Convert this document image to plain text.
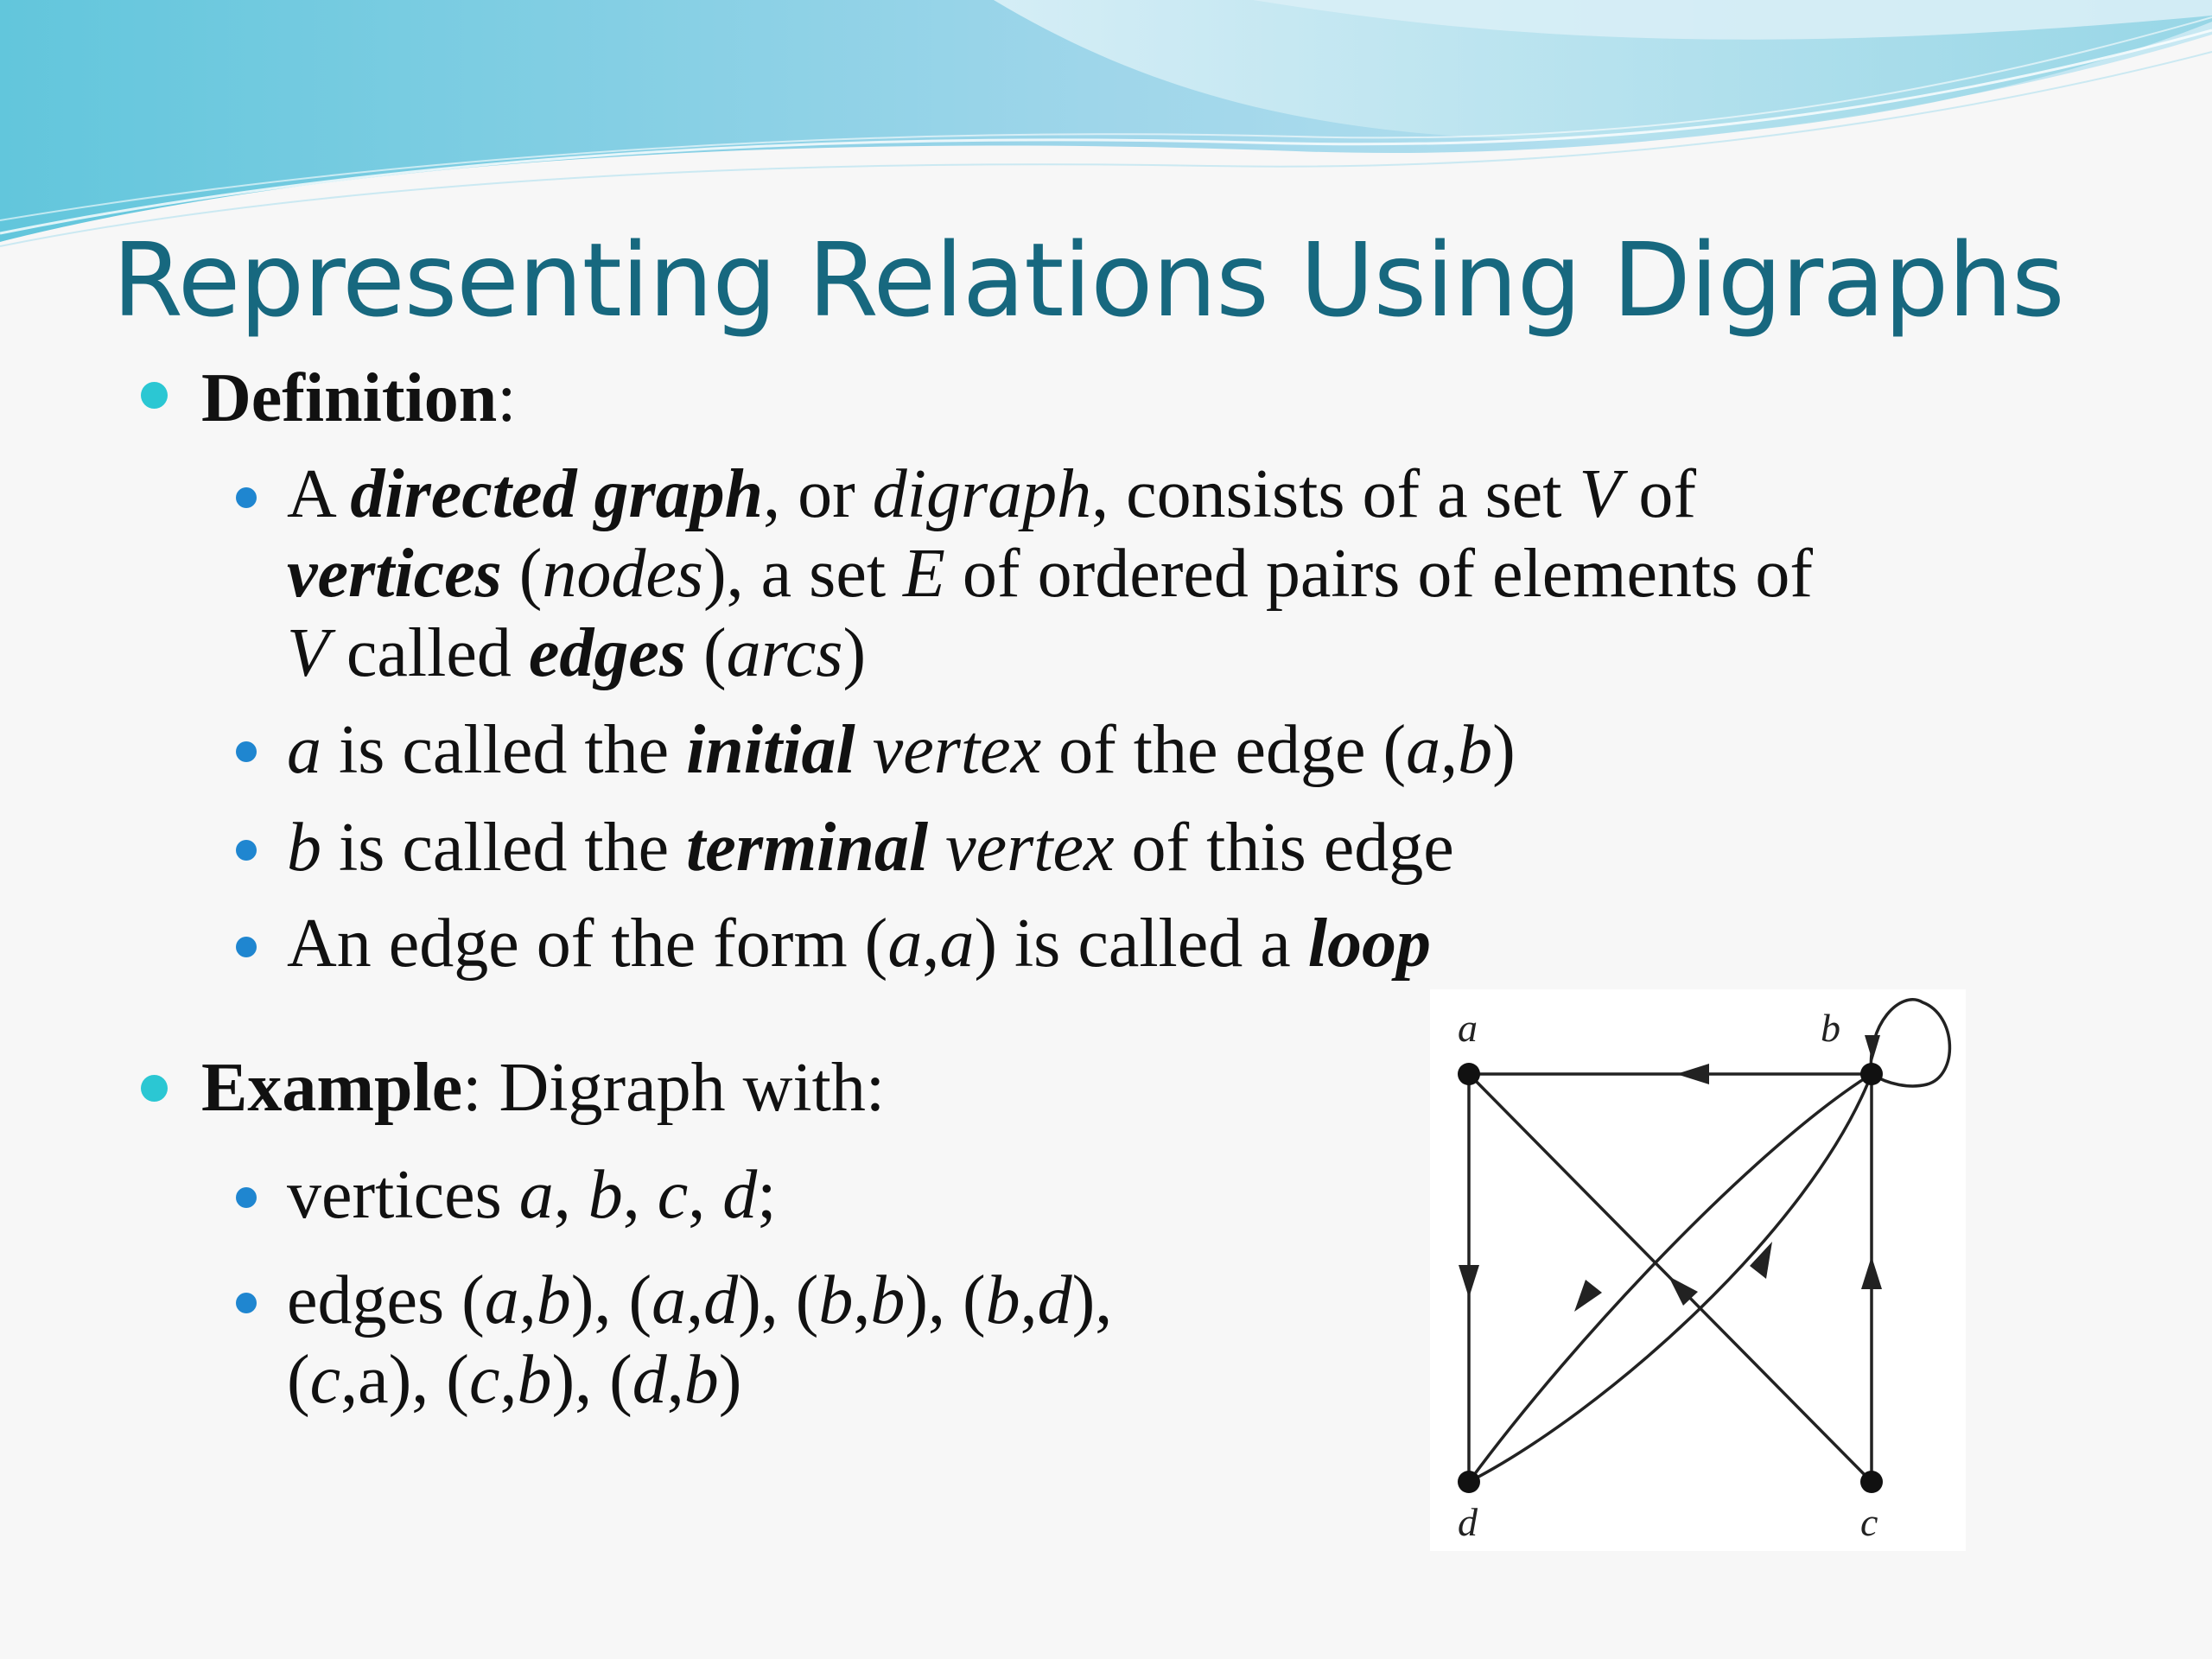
Representing Relations Using Digraphs
Definition:
A directed graph, or digraph, consists of a set V of
vertices (nodes), a set E of ordered pairs of elements of
V called edges (arcs)
a is called the initial vertex of the edge (a,b)
b is called the terminal vertex of this edge
An edge of the form (a,a) is called a loop
Example: Digraph with:
vertices a, b, c, d;
edges (a,b), (a,d), (b,b), (b,d),
(c,a), (c,b), (d,b)
a	b
c
d
